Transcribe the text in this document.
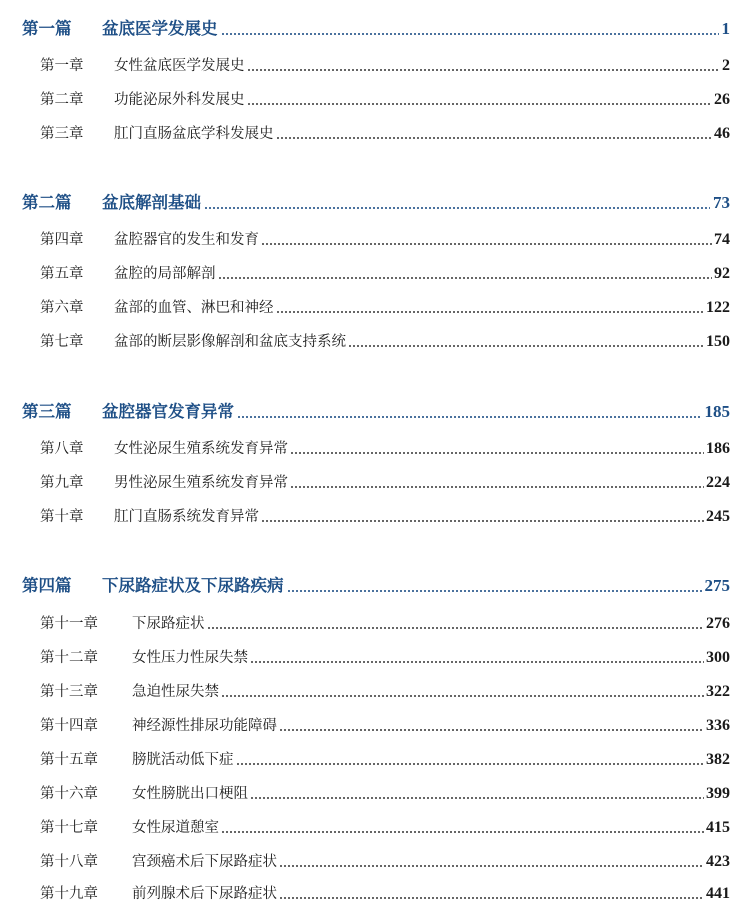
第一篇	盆底医学发展史	1
第一章	女性盆底医学发展史	2
第二章	功能泌尿外科发展史	26
第三章	肛门直肠盆底学科发展史	46
第二篇	盆底解剖基础	73
第四章	盆腔器官的发生和发育	74
第五章	盆腔的局部解剖	92
第六章	盆部的血管、淋巴和神经	122
第七章	盆部的断层影像解剖和盆底支持系统	150
第三篇	盆腔器官发育异常	185
第八章	女性泌尿生殖系统发育异常	186
第九章	男性泌尿生殖系统发育异常	224
第十章	肛门直肠系统发育异常	245
第四篇	下尿路症状及下尿路疾病	275
第十一章	下尿路症状	276
第十二章	女性压力性尿失禁	300
第十三章	急迫性尿失禁	322
第十四章	神经源性排尿功能障碍	336
第十五章	膀胱活动低下症	382
第十六章	女性膀胱出口梗阻	399
第十七章	女性尿道憩室	415
第十八章	宫颈癌术后下尿路症状	423
第十九章	前列腺术后下尿路症状	441
